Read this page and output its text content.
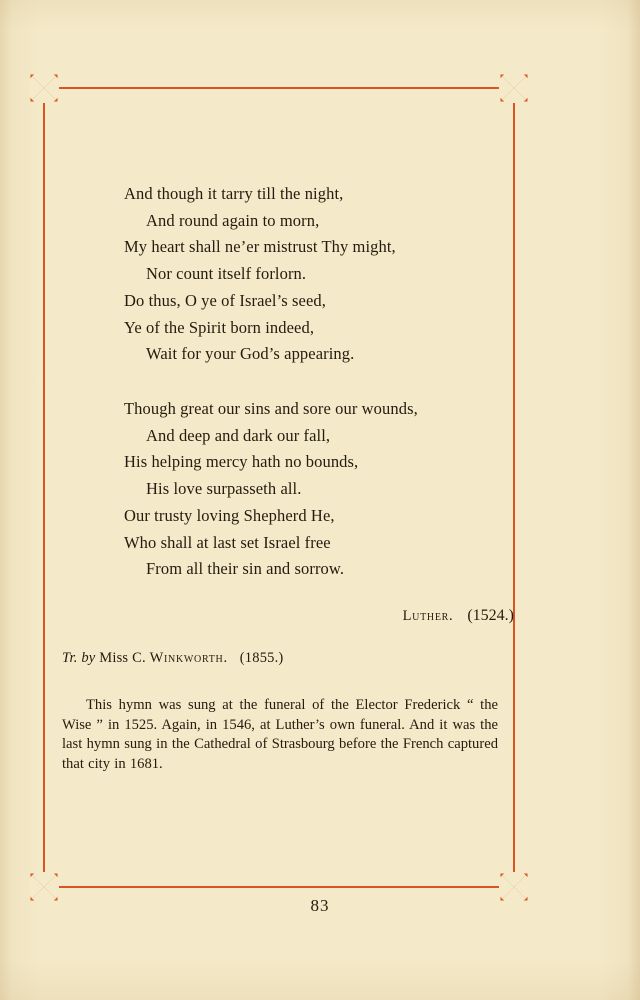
And though it tarry till the night,
And round again to morn,
My heart shall ne’er mistrust Thy might,
Nor count itself forlorn.
Do thus, O ye of Israel’s seed,
Ye of the Spirit born indeed,
Wait for your God’s appearing.
Though great our sins and sore our wounds,
And deep and dark our fall,
His helping mercy hath no bounds,
His love surpasseth all.
Our trusty loving Shepherd He,
Who shall at last set Israel free
From all their sin and sorrow.
Luther. (1524.)
Tr. by Miss C. Winkworth. (1855.)
This hymn was sung at the funeral of the Elector Frederick “ the Wise ” in 1525. Again, in 1546, at Luther’s own funeral. And it was the last hymn sung in the Cathedral of Strasbourg before the French captured that city in 1681.
83
